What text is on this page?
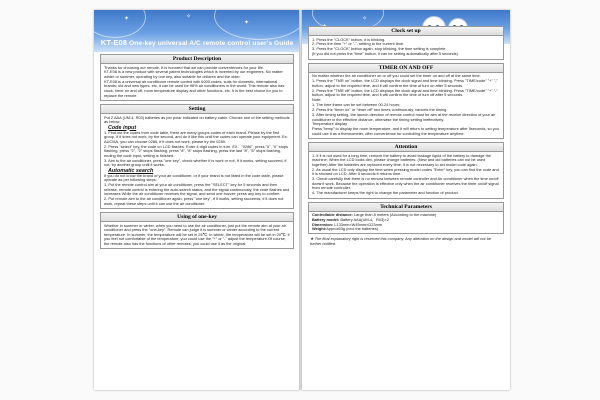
✦
✦
✧
KT-E08 One-key universal A/C remote control user's Guide
Product Description

Thanks for choosing our remote, It is honored that we can provide convenfences for your life.

KT-E08 is a new product with several patent technologies which is invented by our engineers. No matter winter or summer, operating by one key, also suitable for children and the older.

KT-E08 is a universal air conditioner remote control with 6000 codes, suits for domestic, international brands; old and new types, etc, it can be used for 98% air conditioners in the world. This remote also has clock, timer on and off, room temperature display and other functions, etc. It is the best choice for you to replace the remote.

Setting

Put 2 AAA (UM-4, R03) batteries as per polar indicated on battery cabin. Choose one of the setting methods as below.

Code input

1. Find out the codes from code table, there are many groups codes of each brand. Please try the first group, if it does not work, try the second, and do it like this until the codes can operate your equipment. Ex: AUCMA, you can choose 0286, if it does not work, please try the 0289.

2. Press "select" key, the code on LCD flashes. Enter 4 digit codes in turn. EX："0286", press "0", "0" stops flashing, press "2", "2" stops flashing, press "8", "8" stops flashing, press the last "8", "8" stops flashing, ending the code input, setting is finished.

3. Aim to the air conditioner, press "one key", check whether it is work or not, If it works, setting succeed, if not, try another group until it works.

Automatic search

If you do not know the brand of your air conditioner, or if your brand is not listed in the code table, please operate as per following steps:

1. Put the remote control aim at your air conditioner, press the "SELECT" key for 5 seconds and then release, remote control is entering the auto-search status, and the signal continuously, the code flashes and increases While the air conditioner receives the signal, and send one buzzer, press any key to confirm.

2. Put remote aim to the air conditioner again, press "one key", if it works, setting succeeds, if it does not work, repeat these steps until it can use the air conditioner.

Using of one-key

Whether in summer or winter, when you need to use the air conditioner, just put the remote aim at your air conditioner and press the "one-key". Remote can judge it is summer or winter according to the current temperature. In summer, the temperature will be set in 26℃. In winter, the temperature will be set in 20℃. If you feel not comfortable of the temperature, you could use the "+" or "-" adjust the temperature.Of course, the remote also has the functions of other remotes; you could use it as the original.

✧
Clock set up

1. Press the "CLOCK" button, it is blinking.

2. Press the time "+" or "-", setting to the current time.

3. Press the "CLOCK" button again, stop blinking, the time setting is complete.

(If you did not press the "time" button, it can be setting automatically after 5 seconds)

TIMER ON AND OFF

No matter whether the air conditioner on or off you could set the timer on and off at the same time.

1. Press the "TMR on" button, the LCD displays the clock signal and time blinking. Press "TIME/code" "+" "-" button, adjust to the required time, and it will confirm the time of turn on after 5 seconds.

2. Press the "TMR off" button, the LCD displays the clock signal and time blinking. Press "TIME/code" "+" "-" button, adjust to the required time, and it will confirm the time of turn off after 5 seconds.

Note:

1. The time frame can be set between 00-24 hours;

2. Press the "timer on" or "timer off" two times continuously, cancels the timing.

3. After timing setting, the launch direction of remote control must be aim at the receive direction of your air conditioner in the effective distance, otherwise the timing setting ineffectively.

Temperature display

Press "temp" to display the room temperature, and it will return to setting temperature after 5seconds, so you could use it as a thermometer, offer convenience for controlling the temperature anytime.

Attention

1. If it is not used for a long time, remove the battery to avoid leakage liquid of the battery to damage the machine; When the LCD looks dim, please change batteries. (New and old batteries can not be used together) After the batteries are replaced every time, it is not necessary to set model code again.

2. As usual the LCD only display the time when pressing model codes "Enter" key, you can find the code and it is showed on LCD. After 5 seconds it returns time.

3. Check carefully that there is no remora between remote controller and Air conditioner when the time on/off doesn't work. Because the operation is effective only when the air conditioner receives the timer on/off signal from remote controller.

4. The manufacturer keeps the right to change the parameter and function of product.

Technical Parameters
Controllable distance: Large than 8 meters (According to the machine)
Battery model: Battery AAA(UM-4，R03)×2
Dimension: L133mm×W45mm×D23mm
Weight:Approx53g (excl the batteries)
★ The final explanatory right is reserved this company. Any alteration on the design and model will not be further notified.
